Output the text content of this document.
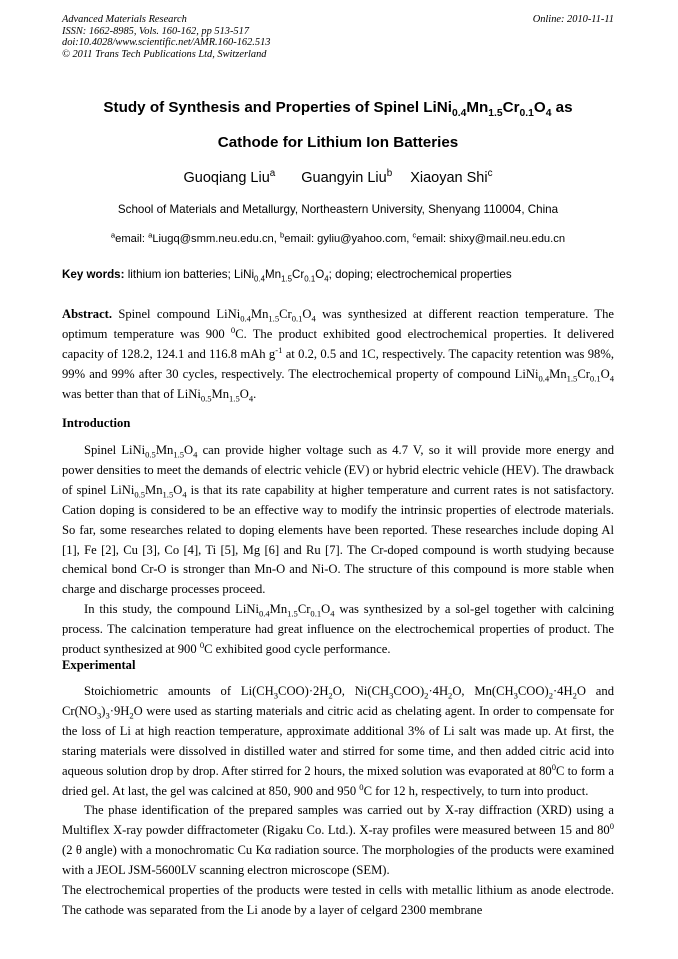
Advanced Materials Research
ISSN: 1662-8985, Vols. 160-162, pp 513-517
doi:10.4028/www.scientific.net/AMR.160-162.513
© 2011 Trans Tech Publications Ltd, Switzerland
Online: 2010-11-11
Study of Synthesis and Properties of Spinel $LiNi_{0.4}Mn_{1.5}Cr_{0.1}O_4$ as
Cathode for Lithium Ion Batteries
Guoqiang Liu$^a$ Guangyin Liu$^b$ Xiaoyan Shi$^c$
School of Materials and Metallurgy, Northeastern University, Shenyang 110004, China
$^a$email: $^a$Liugq@smm.neu.edu.cn, $^b$email: gyliu@yahoo.com, $^c$email: shixy@mail.neu.edu.cn
Key words: lithium ion batteries; $LiNi_{0.4}Mn_{1.5}Cr_{0.1}O_4$; doping; electrochemical properties

Abstract. Spinel compound $LiNi_{0.4}Mn_{1.5}Cr_{0.1}O_4$ was synthesized at different reaction temperature. The optimum temperature was 900 $^0$C. The product exhibited good electrochemical properties. It delivered capacity of 128.2, 124.1 and 116.8 mAh $g^{-1}$ at 0.2, 0.5 and 1C, respectively. The capacity retention was 98%, 99% and 99% after 30 cycles, respectively. The electrochemical property of compound $LiNi_{0.4}Mn_{1.5}Cr_{0.1}O_4$ was better than that of $LiNi_{0.5}Mn_{1.5}O_4$.

Introduction

Spinel $LiNi_{0.5}Mn_{1.5}O_4$ can provide higher voltage such as 4.7 V, so it will provide more energy and power densities to meet the demands of electric vehicle (EV) or hybrid electric vehicle (HEV). The drawback of spinel $LiNi_{0.5}Mn_{1.5}O_4$ is that its rate capability at higher temperature and current rates is not satisfactory. Cation doping is considered to be an effective way to modify the intrinsic properties of electrode materials. So far, some researches related to doping elements have been reported. These researches include doping Al [1], Fe [2], Cu [3], Co [4], Ti [5], Mg [6] and Ru [7]. The Cr-doped compound is worth studying because chemical bond Cr-O is stronger than Mn-O and Ni-O. The structure of this compound is more stable when charge and discharge processes proceed.

In this study, the compound $LiNi_{0.4}Mn_{1.5}Cr_{0.1}O_4$ was synthesized by a sol-gel together with calcining process. The calcination temperature had great influence on the electrochemical properties of product. The product synthesized at 900 $^0$C exhibited good cycle performance.

Experimental

Stoichiometric amounts of $Li(CH_3COO)\cdot 2H_2O$, $Ni(CH_3COO)_2\cdot 4H_2O$, $Mn(CH_3COO)_2\cdot 4H_2O$ and $Cr(NO_3)_3\cdot 9H_2O$ were used as starting materials and citric acid as chelating agent. In order to compensate for the loss of Li at high reaction temperature, approximate additional 3% of Li salt was made up. At first, the staring materials were dissolved in distilled water and stirred for some time, and then added citric acid into aqueous solution drop by drop. After stirred for 2 hours, the mixed solution was evaporated at $80^0C$ to form a dried gel. At last, the gel was calcined at 850, 900 and 950 $^0$C for 12 h, respectively, to turn into product.

The phase identification of the prepared samples was carried out by X-ray diffraction (XRD) using a Multiflex X-ray powder diffractometer (Rigaku Co. Ltd.). X-ray profiles were measured between 15 and $80^0$ (2 θ angle) with a monochromatic Cu Kα radiation source. The morphologies of the products were examined with a JEOL JSM-5600LV scanning electron microscope (SEM).

The electrochemical properties of the products were tested in cells with metallic lithium as anode electrode. The cathode was separated from the Li anode by a layer of celgard 2300 membrane
